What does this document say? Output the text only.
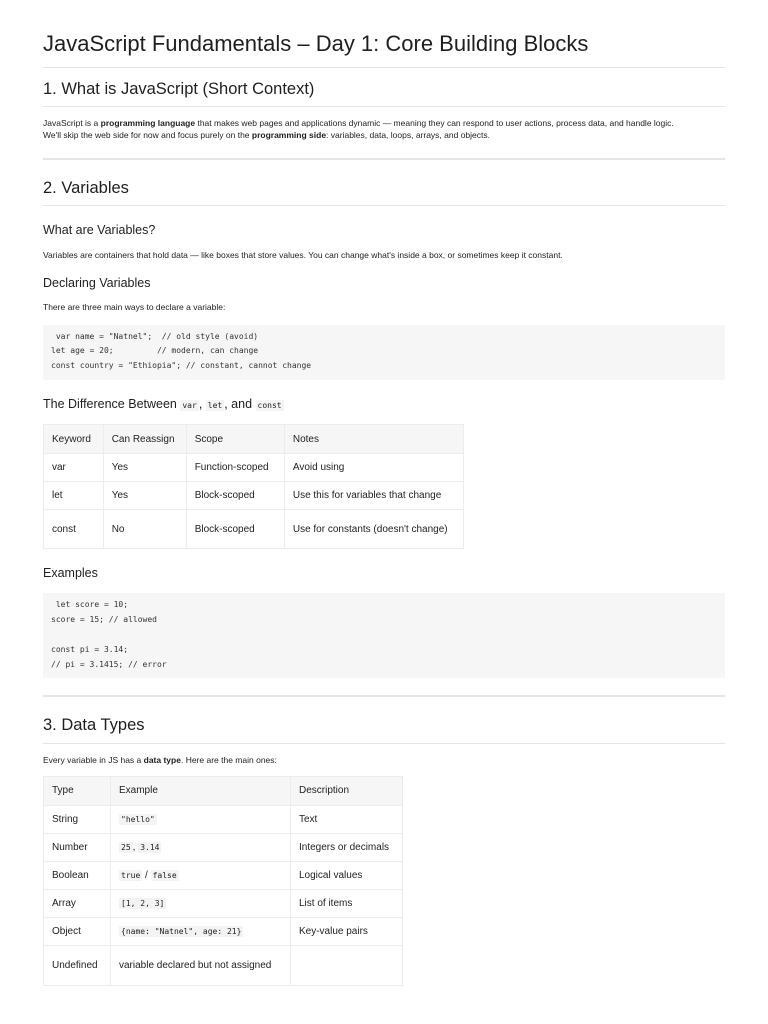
JavaScript Fundamentals – Day 1: Core Building Blocks
1. What is JavaScript (Short Context)

JavaScript is a programming language that makes web pages and applications dynamic — meaning they can respond to user actions, process data, and handle logic.
We'll skip the web side for now and focus purely on the programming side: variables, data, loops, arrays, and objects.

2. Variables
What are Variables?

Variables are containers that hold data — like boxes that store values. You can change what's inside a box, or sometimes keep it constant.

Declaring Variables

There are three main ways to declare a variable:

var name = "Natnel";  // old style (avoid)
let age = 20;         // modern, can change
const country = "Ethiopia"; // constant, cannot change
The Difference Between var , let , and const
Keyword	Can Reassign	Scope	Notes
var	Yes	Function-scoped	Avoid using
let	Yes	Block-scoped	Use this for variables that change
const	No	Block-scoped	Use for constants (doesn't change)
Examples
let score = 10;
score = 15; // allowed
const pi = 3.14;
// pi = 3.1415; // error
3. Data Types

Every variable in JS has a data type. Here are the main ones:

Type	Example	Description
String	"hello"	Text
Number	25 , 3.14	Integers or decimals
Boolean	true / false	Logical values
Array	[1, 2, 3]	List of items
Object	{name: "Natnel", age: 21}	Key-value pairs
Undefined	variable declared but not assigned	
